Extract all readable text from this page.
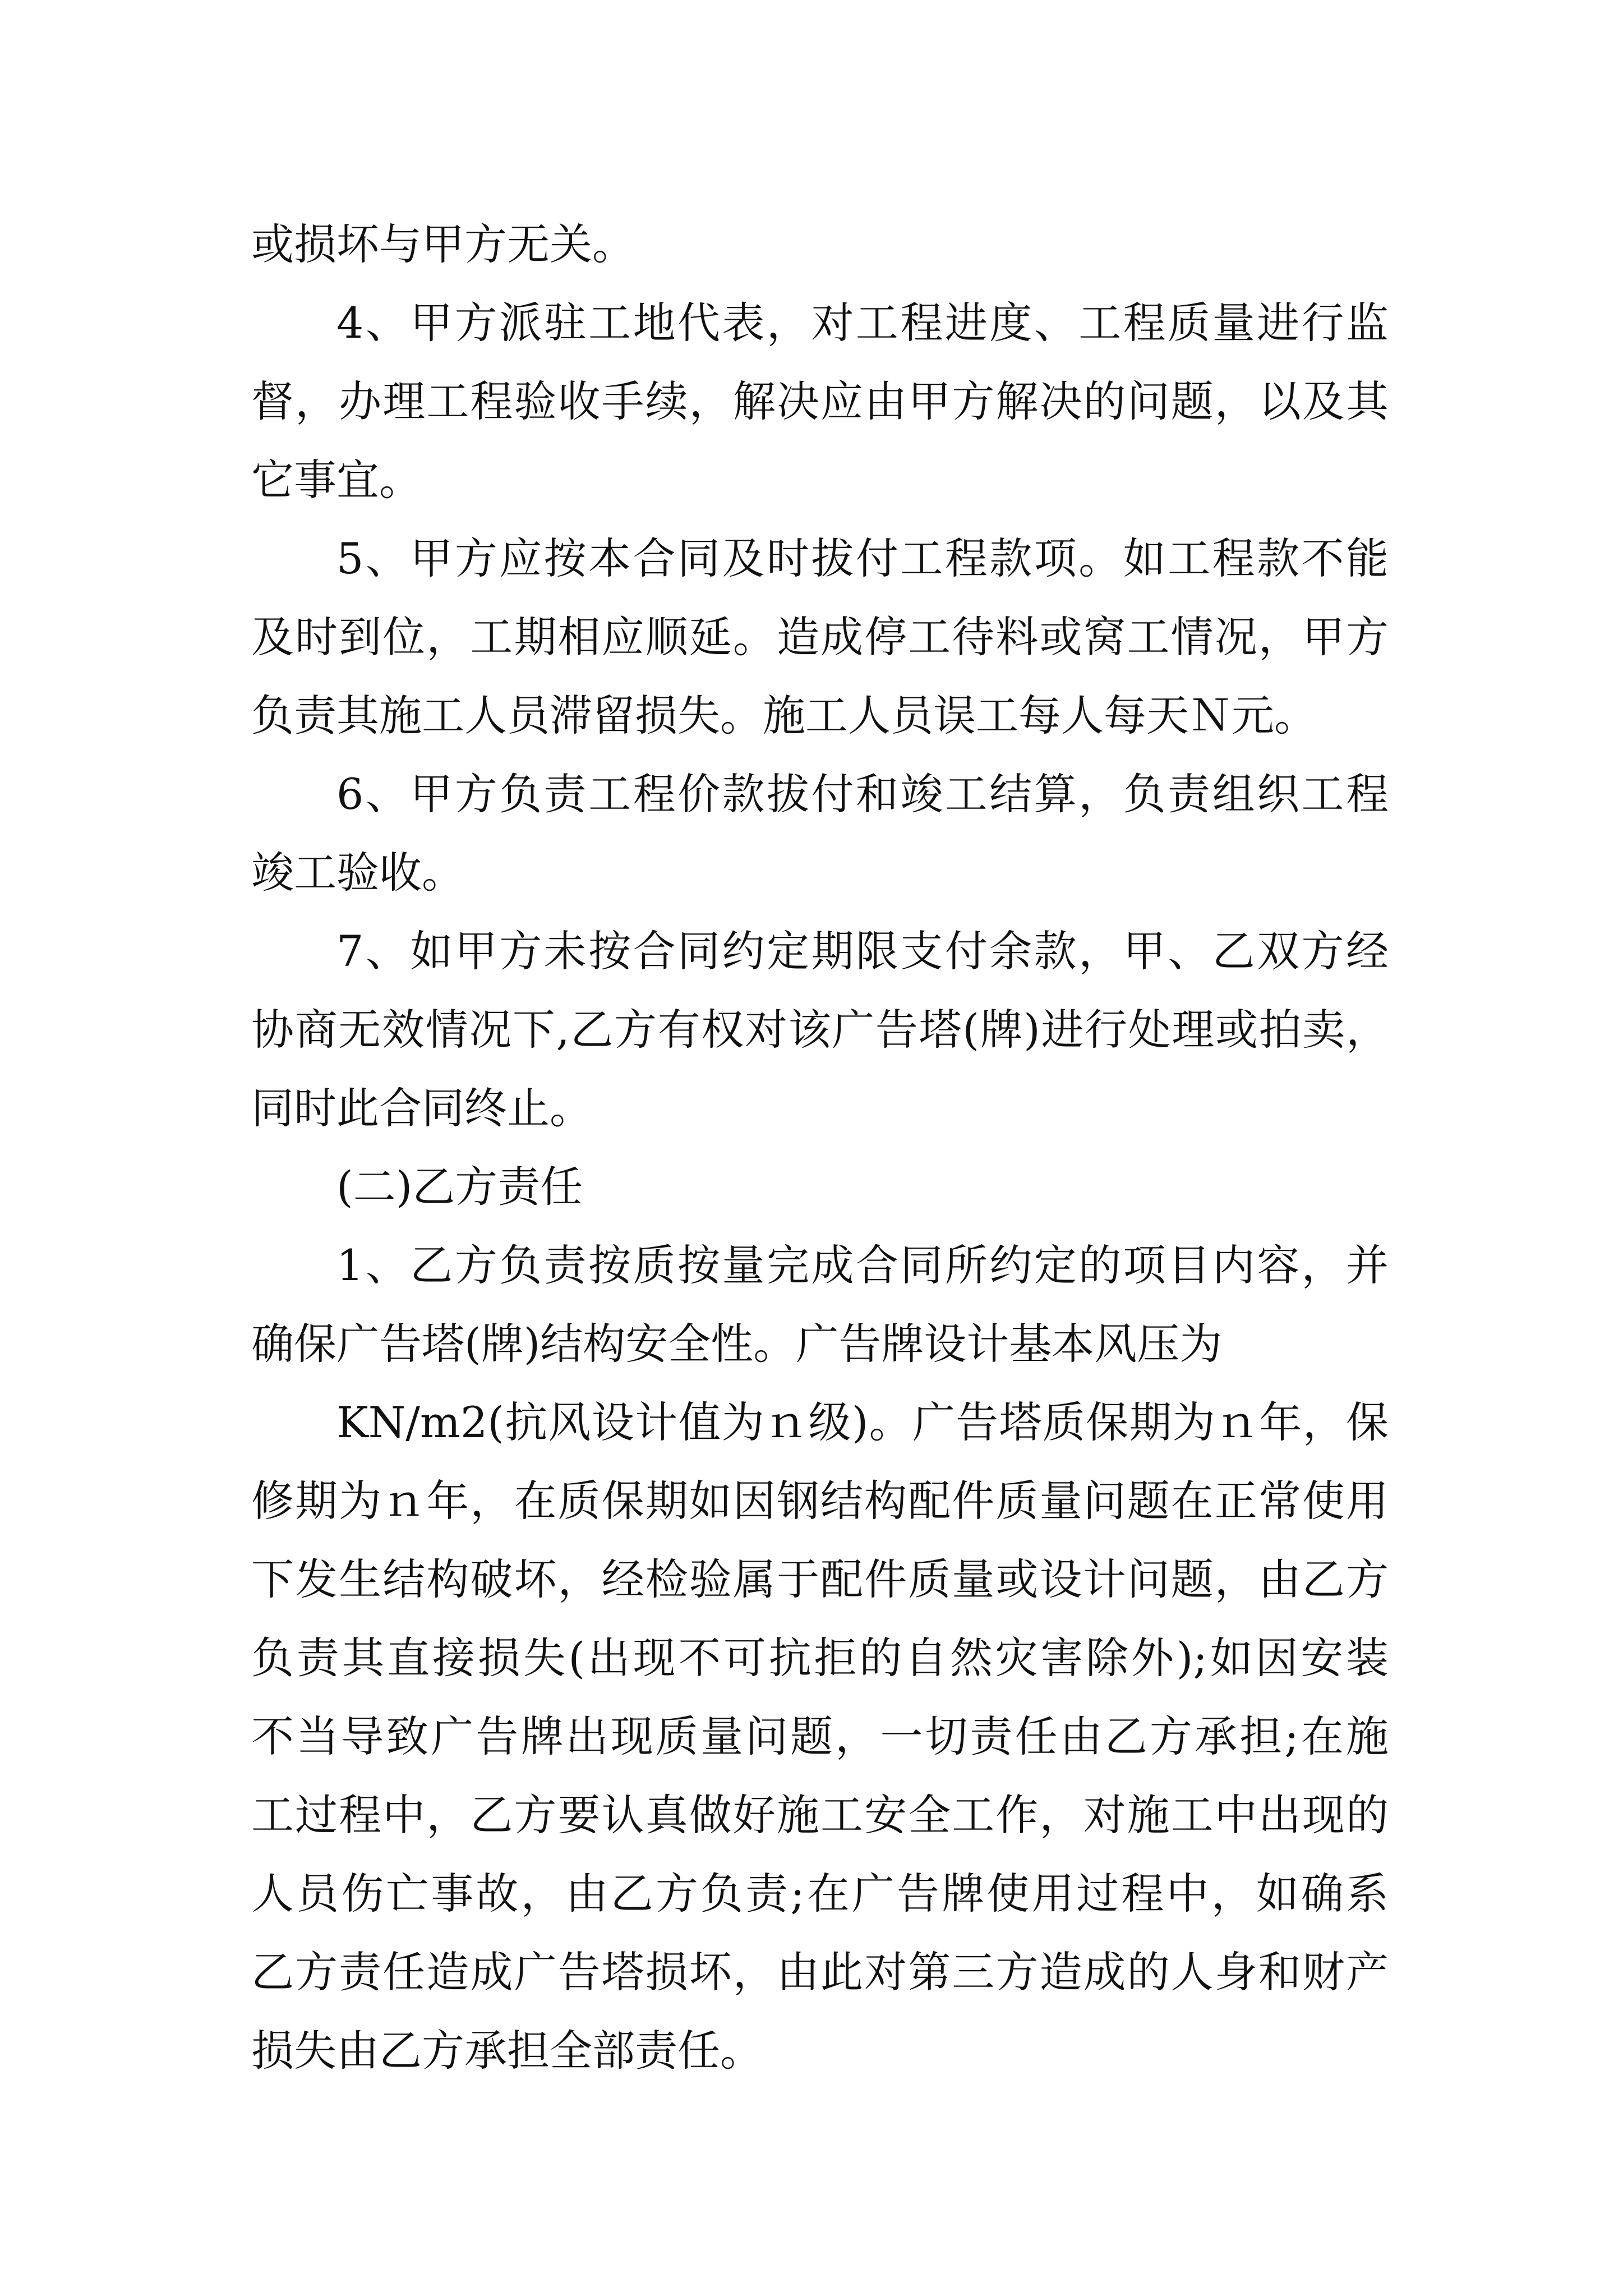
或损坏与甲方无关。
4、甲方派驻工地代表，对工程进度、工程质量进行监
督，办理工程验收手续，解决应由甲方解决的问题，以及其
它事宜。
5、甲方应按本合同及时拔付工程款项。如工程款不能
及时到位，工期相应顺延。造成停工待料或窝工情况，甲方
负责其施工人员滞留损失。施工人员误工每人每天Ｎ元。
6、甲方负责工程价款拔付和竣工结算，负责组织工程
竣工验收。
7、如甲方未按合同约定期限支付余款，甲、乙双方经
协商无效情况下,乙方有权对该广告塔(牌)进行处理或拍卖，
同时此合同终止。
(二)乙方责任
1、乙方负责按质按量完成合同所约定的项目内容，并
确保广告塔(牌)结构安全性。广告牌设计基本风压为
KN/m2(抗风设计值为ｎ级)。广告塔质保期为ｎ年，保
修期为ｎ年，在质保期如因钢结构配件质量问题在正常使用
下发生结构破坏，经检验属于配件质量或设计问题，由乙方
负责其直接损失(出现不可抗拒的自然灾害除外);如因安装
不当导致广告牌出现质量问题，一切责任由乙方承担;在施
工过程中，乙方要认真做好施工安全工作，对施工中出现的
人员伤亡事故，由乙方负责;在广告牌使用过程中，如确系
乙方责任造成广告塔损坏，由此对第三方造成的人身和财产
损失由乙方承担全部责任。
